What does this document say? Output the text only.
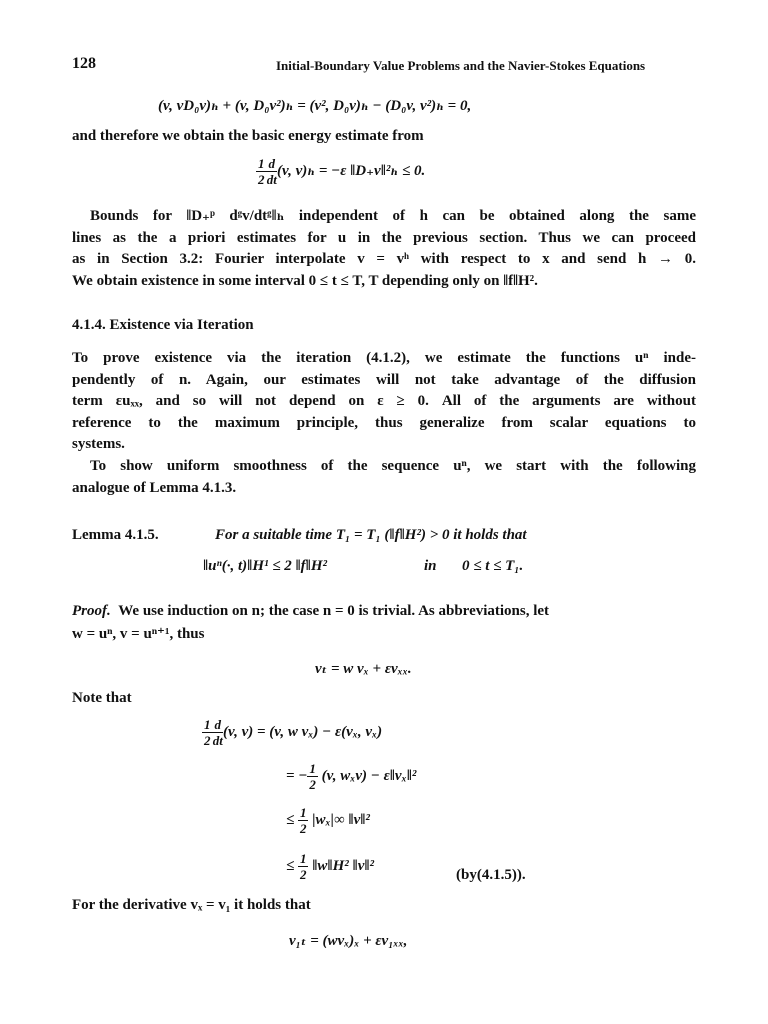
128	Initial-Boundary Value Problems and the Navier-Stokes Equations
(v, vD₀v)ₕ + (v, D₀v²)ₕ = (v², D₀v)ₕ − (D₀v, v²)ₕ = 0,
and therefore we obtain the basic energy estimate from
$\frac{1}{2} \frac{d}{dt} (v$, v)ₕ = −ε ‖D₊v‖²ₕ ≤ 0.
Bounds for ‖D₊ᵖ dᵍv/dtᵍ‖ₕ independent of h can be obtained along the same
lines as the a priori estimates for u in the previous section. Thus we can proceed
as in Section 3.2: Fourier interpolate v = vʰ with respect to x and send h → 0.
We obtain existence in some interval 0 ≤ t ≤ T, T depending only on ‖f‖H².
4.1.4. Existence via Iteration
To prove existence via the iteration (4.1.2), we estimate the functions uⁿ inde-
pendently of n. Again, our estimates will not take advantage of the diffusion
term εuₓₓ, and so will not depend on ε ≥ 0. All of the arguments are without
reference to the maximum principle, thus generalize from scalar equations to
systems.
To show uniform smoothness of the sequence uⁿ, we start with the following
analogue of Lemma 4.1.3.
Lemma 4.1.5.	For a suitable time T₁ = T₁ (‖f‖H²) > 0 it holds that
‖uⁿ(·, t)‖H¹ ≤ 2 ‖f‖H²	in 0 ≤ t ≤ T₁.
Proof. We use induction on n; the case n = 0 is trivial. As abbreviations, let
w = uⁿ, v = uⁿ⁺¹, thus
vₜ = w vₓ + εvₓₓ.
Note that
$\frac{1}{2} \frac{d}{dt} (v$, v) = (v, w vₓ) − ε(vₓ, vₓ)
= − $\frac{1}{2} (v$, wₓv) − ε‖vₓ‖²
≤ $\frac{1}{2} |w_x|\infty$ ‖v‖²
≤ $\frac{1}{2}$ ‖w‖H² ‖v‖²
(by(4.1.5)).
For the derivative vₓ = v₁ it holds that
v₁ₜ = (wvₓ)ₓ + εv₁ₓₓ,
